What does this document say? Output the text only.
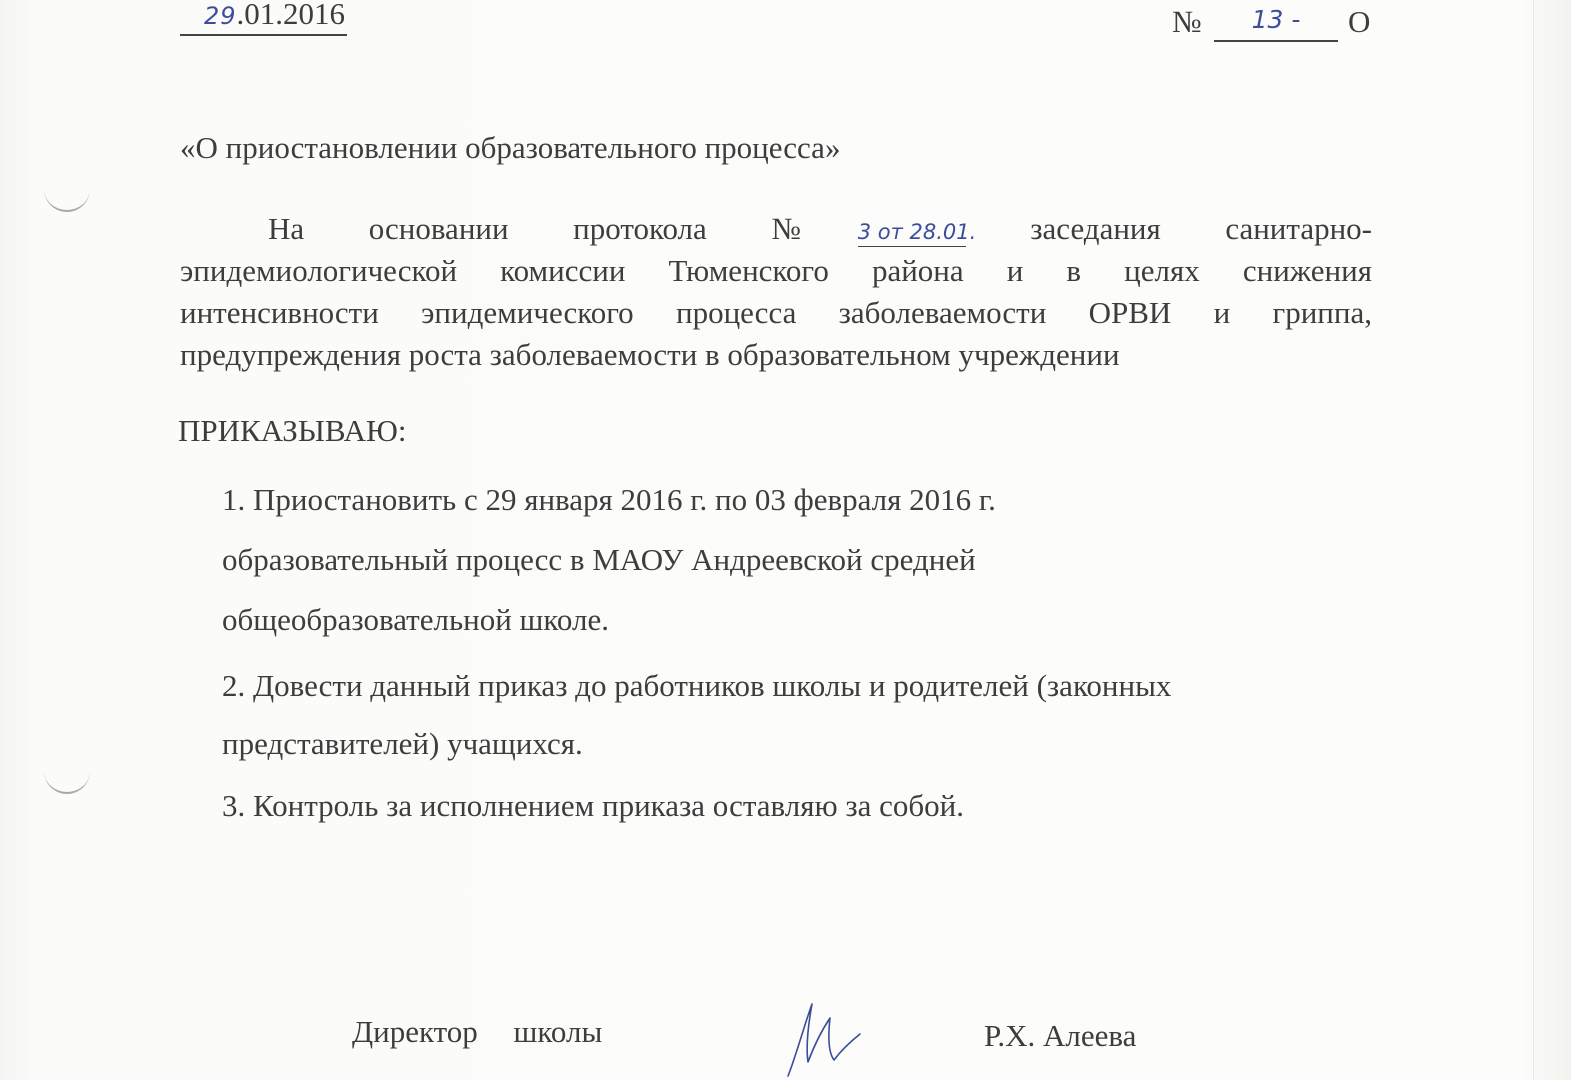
29.01.2016	№	13 -	О
«О приостановлении образовательного процесса»
На основании протокола №3 от 28.01. заседания санитарно-
эпидемиологической комиссии Тюменского района и в целях снижения
интенсивности эпидемического процесса заболеваемости ОРВИ и гриппа,
предупреждения роста заболеваемости в образовательном учреждении
ПРИКАЗЫВАЮ:
1. Приостановить с 29 января 2016 г. по 03 февраля 2016 г.
образовательный процесс в МАОУ Андреевской средней
общеобразовательной школе.
2. Довести данный приказ до работников школы и родителей (законных
представителей) учащихся.
3. Контроль за исполнением приказа оставляю за собой.
Директор школы	Р.Х. Алеева
